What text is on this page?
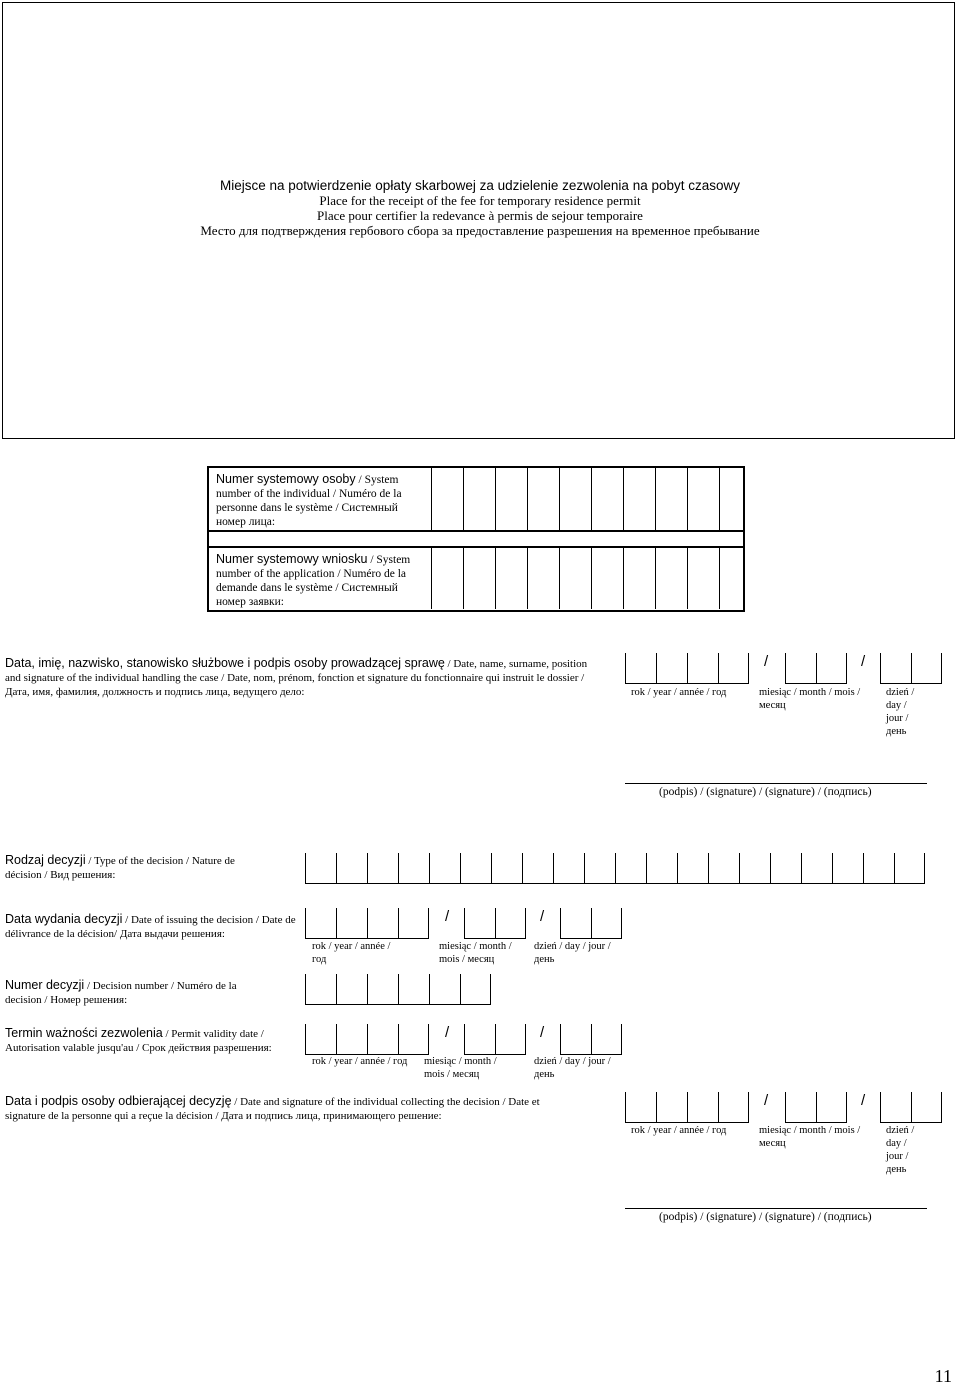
Miejsce na potwierdzenie opłaty skarbowej za udzielenie zezwolenia na pobyt czasowy
Place for the receipt of the fee for temporary residence permit
Place pour certifier la redevance à permis de sejour temporaire
Место для подтверждения гербового сбора за предоставление разрешения на временное пребывание
Numer systemowy osoby / System number of the individual / Numéro de la personne dans le système / Системный номер лица:
Numer systemowy wniosku / System number of the application / Numéro de la demande dans le système / Системный номер заявки:
Data, imię, nazwisko, stanowisko służbowe i podpis osoby prowadzącej sprawę / Date, name, surname, position and signature of the individual handling the case / Date, nom, prénom, fonction et signature du fonctionnaire qui instruit le dossier / Дата, имя, фамилия, должность и подпись лица, ведущего дело:
/	/
rok / year / année / год	miesiąc / month / mois / месяц
dzień / day / jour / день
(podpis) / (signature) / (signature) / (подпись)
Rodzaj decyzji / Type of the decision / Nature de décision / Вид решения:
Data wydania decyzji / Date of issuing the decision / Date de délivrance de la décision/ Дата выдачи решения:
/	/
rok / year / année / год
miesiąc / month / mois / месяц
dzień / day / jour / день
Numer decyzji / Decision number / Numéro de la decision / Номер решения:
Termin ważności zezwolenia / Permit validity date / Autorisation valable jusqu'au / Срок действия разрешения:
/	/
rok / year / année / год miesiąc / month / mois / месяц
dzień / day / jour / день
Data i podpis osoby odbierającej decyzję / Date and signature of the individual collecting the decision / Date et signature de la personne qui a reçue la décision / Дата и подпись лица, принимающего решение:
/	/
rok / year / année / год	miesiąc / month / mois / месяц
dzień / day / jour / день
(podpis) / (signature) / (signature) / (подпись)
11
